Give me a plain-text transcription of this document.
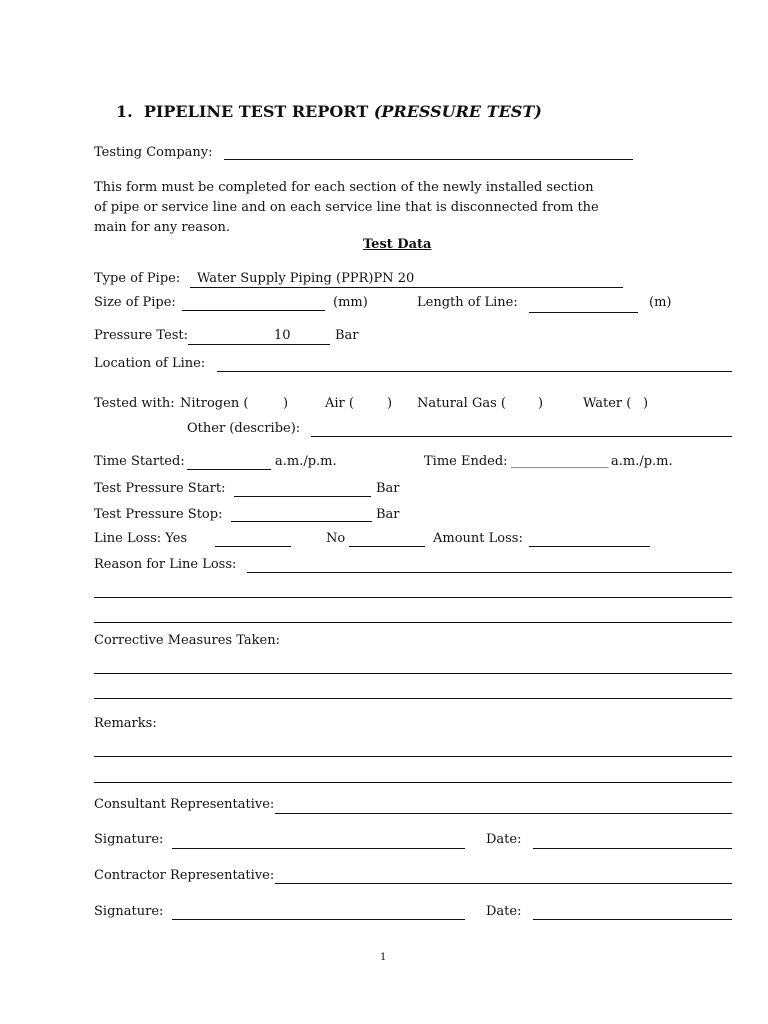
1. PIPELINE TEST REPORT (PRESSURE TEST)
Testing Company:
This form must be completed for each section of the newly installed section
of pipe or service line and on each service line that is disconnected from the
main for any reason.
Test Data
Type of Pipe: Water Supply Piping (PPR)PN 20
Size of Pipe:	(mm)	Length of Line:	(m)
Pressure Test:	10	Bar
Location of Line:
Tested with: Nitrogen (	)	Air (	) Natural Gas ( )	Water ( )
Other (describe):
Time Started:	a.m./p.m.	Time Ended: _______________ a.m./p.m.
Test Pressure Start:	Bar
Test Pressure Stop:	Bar
Line Loss: Yes	No	Amount Loss:
Reason for Line Loss:
Corrective Measures Taken:
Remarks:
Consultant Representative:
Signature:	Date:
Contractor Representative:
Signature:	Date:
1
